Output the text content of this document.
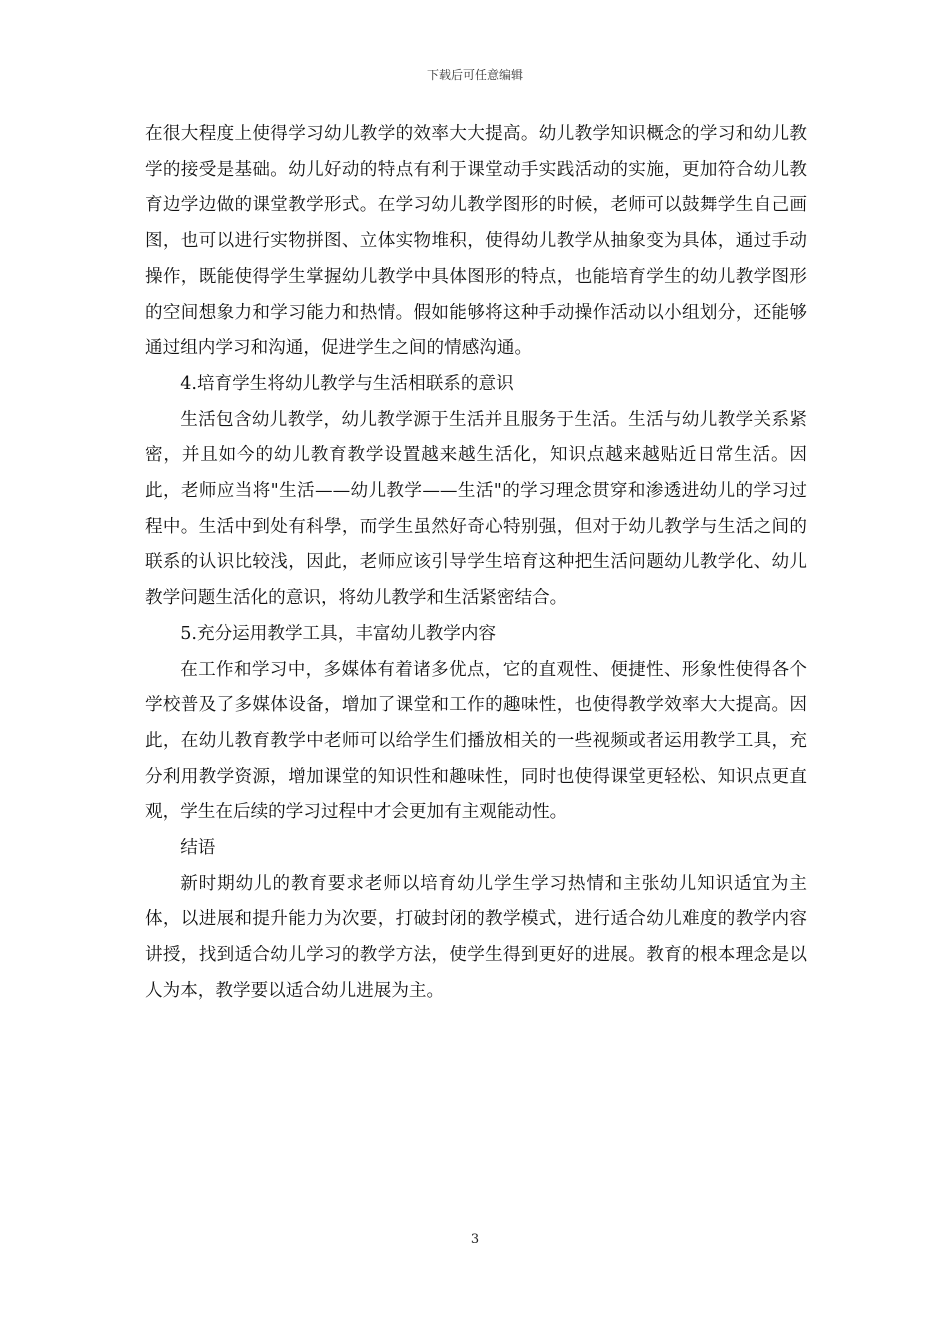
下载后可任意编辑

在很大程度上使得学习幼儿教学的效率大大提高。幼儿教学知识概念的学习和幼儿教学的接受是基础。幼儿好动的特点有利于课堂动手实践活动的实施，更加符合幼儿教育边学边做的课堂教学形式。在学习幼儿教学图形的时候，老师可以鼓舞学生自己画图，也可以进行实物拼图、立体实物堆积，使得幼儿教学从抽象变为具体，通过手动操作，既能使得学生掌握幼儿教学中具体图形的特点，也能培育学生的幼儿教学图形的空间想象力和学习能力和热情。假如能够将这种手动操作活动以小组划分，还能够通过组内学习和沟通，促进学生之间的情感沟通。

4.培育学生将幼儿教学与生活相联系的意识

生活包含幼儿教学，幼儿教学源于生活并且服务于生活。生活与幼儿教学关系紧密，并且如今的幼儿教育教学设置越来越生活化，知识点越来越贴近日常生活。因此，老师应当将"生活——幼儿教学——生活"的学习理念贯穿和渗透进幼儿的学习过程中。生活中到处有科學，而学生虽然好奇心特别强，但对于幼儿教学与生活之间的联系的认识比较浅，因此，老师应该引导学生培育这种把生活问题幼儿教学化、幼儿教学问题生活化的意识，将幼儿教学和生活紧密结合。

5.充分运用教学工具，丰富幼儿教学内容

在工作和学习中，多媒体有着诸多优点，它的直观性、便捷性、形象性使得各个学校普及了多媒体设备，增加了课堂和工作的趣味性，也使得教学效率大大提高。因此，在幼儿教育教学中老师可以给学生们播放相关的一些视频或者运用教学工具，充分利用教学资源，增加课堂的知识性和趣味性，同时也使得课堂更轻松、知识点更直观，学生在后续的学习过程中才会更加有主观能动性。

结语

新时期幼儿的教育要求老师以培育幼儿学生学习热情和主张幼儿知识适宜为主体，以进展和提升能力为次要，打破封闭的教学模式，进行适合幼儿难度的教学内容讲授，找到适合幼儿学习的教学方法，使学生得到更好的进展。教育的根本理念是以人为本，教学要以适合幼儿进展为主。

3
